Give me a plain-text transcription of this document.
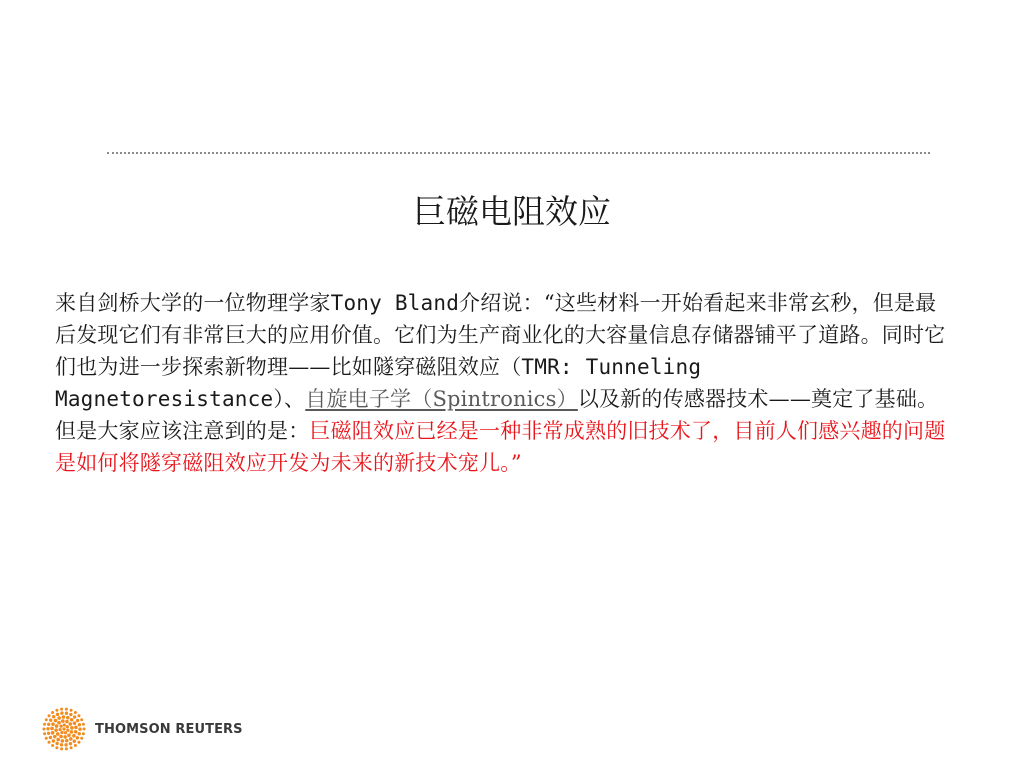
巨磁电阻效应
来自剑桥大学的一位物理学家Tony Bland介绍说：“这些材料一开始看起来非常玄秒，但是最后发现它们有非常巨大的应用价值。它们为生产商业化的大容量信息存储器铺平了道路。同时它们也为进一步探索新物理——比如隧穿磁阻效应（TMR: Tunneling Magnetoresistance）、自旋电子学（Spintronics）以及新的传感器技术——奠定了基础。但是大家应该注意到的是：巨磁阻效应已经是一种非常成熟的旧技术了，目前人们感兴趣的问题是如何将隧穿磁阻效应开发为未来的新技术宠儿。”
THOMSON REUTERS
